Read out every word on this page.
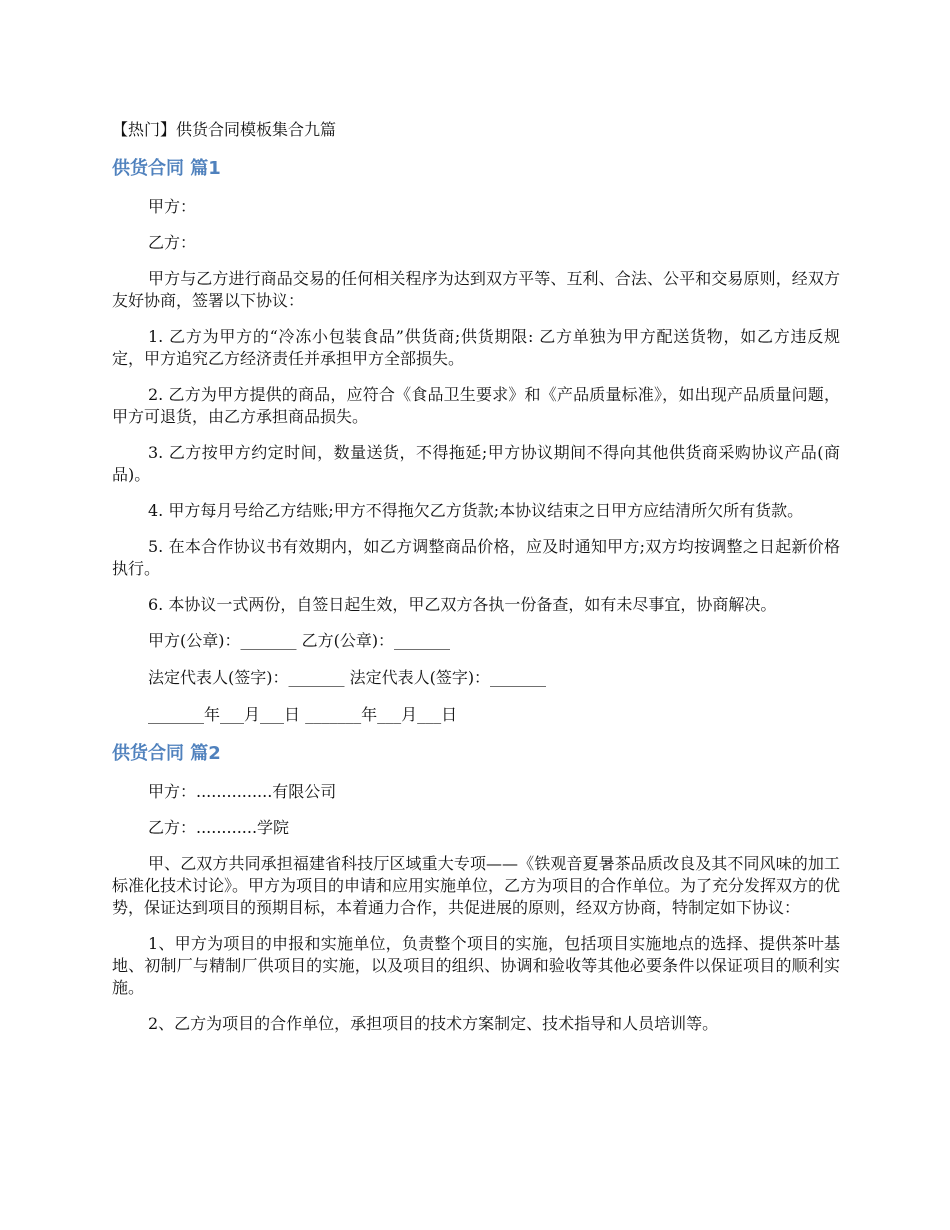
【热门】供货合同模板集合九篇
供货合同 篇1

甲方：

乙方：

甲方与乙方进行商品交易的任何相关程序为达到双方平等、互利、合法、公平和交易原则，经双方友好协商，签署以下协议：

1. 乙方为甲方的“冷冻小包装食品”供货商;供货期限: 乙方单独为甲方配送货物，如乙方违反规定，甲方追究乙方经济责任并承担甲方全部损失。

2. 乙方为甲方提供的商品，应符合《食品卫生要求》和《产品质量标准》，如出现产品质量问题，甲方可退货，由乙方承担商品损失。

3. 乙方按甲方约定时间，数量送货，不得拖延;甲方协议期间不得向其他供货商采购协议产品(商品)。

4. 甲方每月号给乙方结账;甲方不得拖欠乙方货款;本协议结束之日甲方应结清所欠所有货款。

5. 在本合作协议书有效期内，如乙方调整商品价格，应及时通知甲方;双方均按调整之日起新价格执行。

6. 本协议一式两份，自签日起生效，甲乙双方各执一份备查，如有未尽事宜，协商解决。

甲方(公章)：_______ 乙方(公章)：_______

法定代表人(签字)：_______ 法定代表人(签字)：_______

_______年___月___日 _______年___月___日

供货合同 篇2

甲方：...............有限公司

乙方：............学院

甲、乙双方共同承担福建省科技厅区域重大专项——《铁观音夏暑茶品质改良及其不同风味的加工标准化技术讨论》。甲方为项目的申请和应用实施单位，乙方为项目的合作单位。为了充分发挥双方的优势，保证达到项目的预期目标，本着通力合作，共促进展的原则，经双方协商，特制定如下协议：

1、甲方为项目的申报和实施单位，负责整个项目的实施，包括项目实施地点的选择、提供茶叶基地、初制厂与精制厂供项目的实施，以及项目的组织、协调和验收等其他必要条件以保证项目的顺利实施。

2、乙方为项目的合作单位，承担项目的技术方案制定、技术指导和人员培训等。
